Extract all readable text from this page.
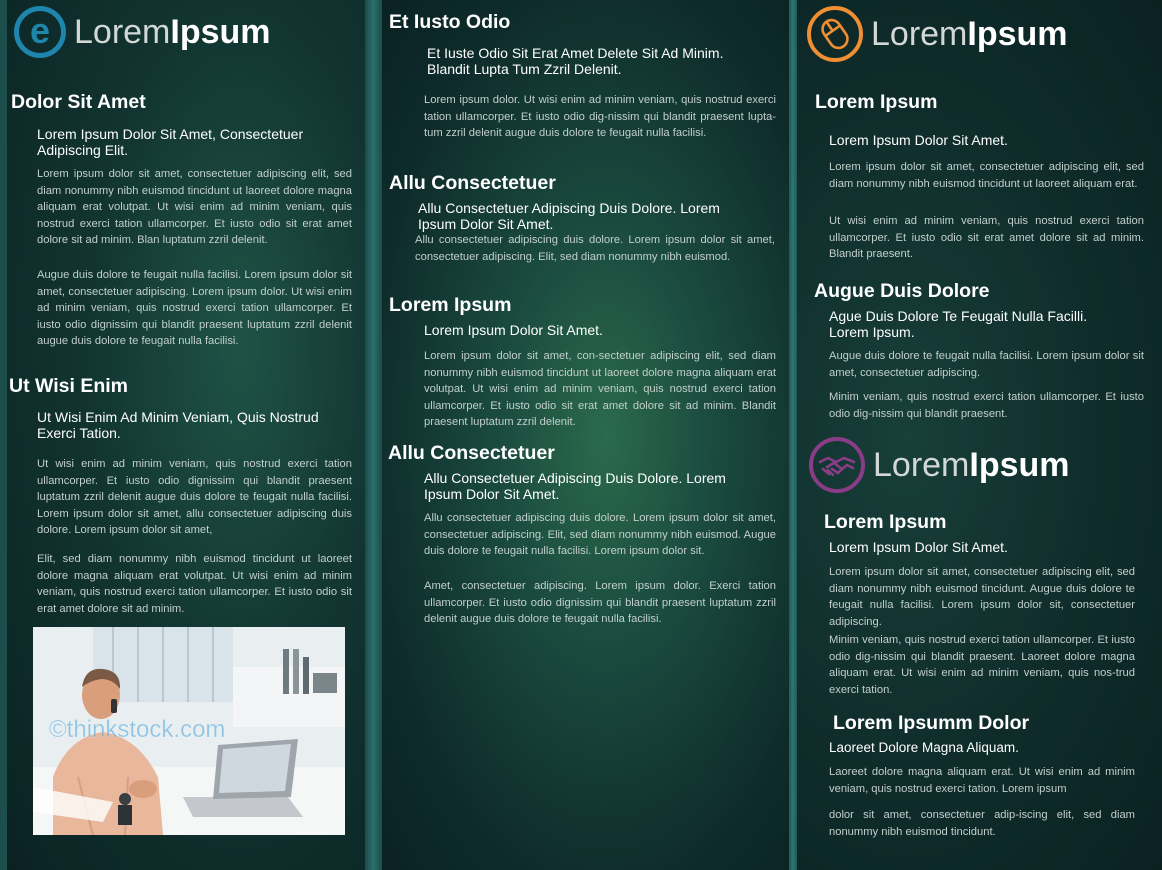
e Lorem Ipsum
Dolor Sit Amet
Lorem Ipsum Dolor Sit Amet, Consectetuer Adipiscing Elit.
Lorem ipsum dolor sit amet, consectetuer adipiscing elit, sed diam nonummy nibh euismod tincidunt ut laoreet dolore magna aliquam erat volutpat. Ut wisi enim ad minim veniam, quis nostrud exerci tation ullamcorper. Et iusto odio sit erat amet dolore sit ad minim. Blan luptatum zzril delenit.
Augue duis dolore te feugait nulla facilisi. Lorem ipsum dolor sit amet, consectetuer adipiscing. Lorem ipsum dolor. Ut wisi enim ad minim veniam, quis nostrud exerci tation ullamcorper. Et iusto odio dignissim qui blandit praesent luptatum zzril delenit augue duis dolore te feugait nulla facilisi.
Ut Wisi Enim
Ut Wisi Enim Ad Minim Veniam, Quis Nostrud Exerci Tation.
Ut wisi enim ad minim veniam, quis nostrud exerci tation ullamcorper. Et iusto odio dignissim qui blandit praesent luptatum zzril delenit augue duis dolore te feugait nulla facilisi. Lorem ipsum dolor sit amet, allu consectetuer adipiscing duis dolore. Lorem ipsum dolor sit amet,
Elit, sed diam nonummy nibh euismod tincidunt ut laoreet dolore magna aliquam erat volutpat. Ut wisi enim ad minim veniam, quis nostrud exerci tation ullamcorper. Et iusto odio sit erat amet dolore sit ad minim.
©thinkstock.com
Et Iusto Odio
Et Iuste Odio Sit Erat Amet Delete Sit Ad Minim. Blandit Lupta Tum Zzril Delenit.
Lorem ipsum dolor. Ut wisi enim ad minim veniam, quis nostrud exerci tation ullamcorper. Et iusto odio dig-nissim qui blandit praesent lupta- tum zzril delenit augue duis dolore te feugait nulla facilisi.
Allu Consectetuer
Allu Consectetuer Adipiscing Duis Dolore. Lorem Ipsum Dolor Sit Amet.
Allu consectetuer adipiscing duis dolore. Lorem ipsum dolor sit amet, consectetuer adipiscing. Elit, sed diam nonummy nibh euismod.
Lorem Ipsum
Lorem Ipsum Dolor Sit Amet.
Lorem ipsum dolor sit amet, con-sectetuer adipiscing elit, sed diam nonummy nibh euismod tincidunt ut laoreet dolore magna aliquam erat volutpat. Ut wisi enim ad minim veniam, quis nostrud exerci tation ullamcorper. Et iusto odio sit erat amet dolore sit ad minim. Blandit praesent luptatum zzril delenit.
Allu Consectetuer
Allu Consectetuer Adipiscing Duis Dolore. Lorem Ipsum Dolor Sit Amet.
Allu consectetuer adipiscing duis dolore. Lorem ipsum dolor sit amet, consectetuer adipiscing. Elit, sed diam nonummy nibh euismod. Augue duis dolore te feugait nulla facilisi. Lorem ipsum dolor sit.
Amet, consectetuer adipiscing. Lorem ipsum dolor. Exerci tation ullamcorper. Et iusto odio dignissim qui blandit praesent luptatum zzril delenit augue duis dolore te feugait nulla facilisi.
Lorem Ipsum
Lorem Ipsum
Lorem Ipsum Dolor Sit Amet.
Lorem ipsum dolor sit amet, consectetuer adipiscing elit, sed diam nonummy nibh euismod tincidunt ut laoreet aliquam erat.
Ut wisi enim ad minim veniam, quis nostrud exerci tation ullamcorper. Et iusto odio sit erat amet dolore sit ad minim. Blandit praesent.
Augue Duis Dolore
Ague Duis Dolore Te Feugait Nulla Facilli. Lorem Ipsum.
Augue duis dolore te feugait nulla facilisi. Lorem ipsum dolor sit amet, consectetuer adipiscing.
Minim veniam, quis nostrud exerci tation ullamcorper. Et iusto odio dig-nissim qui blandit praesent.
Lorem Ipsum
Lorem Ipsum
Lorem Ipsum Dolor Sit Amet.
Lorem ipsum dolor sit amet, consectetuer adipiscing elit, sed diam nonummy nibh euismod tincidunt. Augue duis dolore te feugait nulla facilisi. Lorem ipsum dolor sit, consectetuer adipiscing.
Minim veniam, quis nostrud exerci tation ullamcorper. Et iusto odio dig-nissim qui blandit praesent. Laoreet dolore magna aliquam erat. Ut wisi enim ad minim veniam, quis nos-trud exerci tation.
Lorem Ipsumm Dolor
Laoreet Dolore Magna Aliquam.
Laoreet dolore magna aliquam erat. Ut wisi enim ad minim veniam, quis nostrud exerci tation. Lorem ipsum
dolor sit amet, consectetuer adip-iscing elit, sed diam nonummy nibh euismod tincidunt.
